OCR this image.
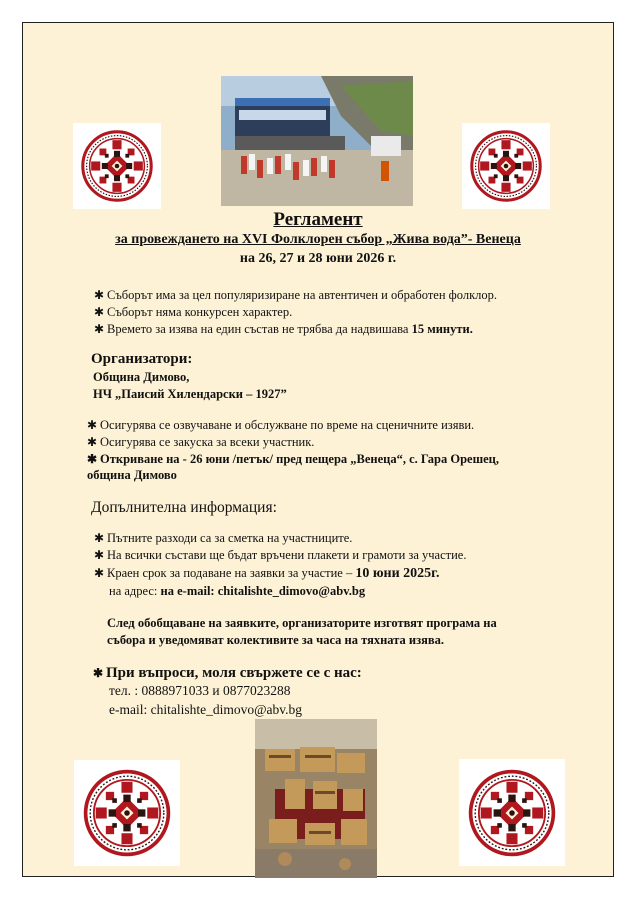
Регламент
за провеждането на XVI Фолклорен събор „Жива вода”- Венеца
на 26, 27 и 28 юни 2026 г.
✱ Съборът има за цел популяризиране на автентичен и обработен фолклор.
✱ Съборът няма конкурсен характер.
✱ Времето за изява на един състав не трябва да надвишава 15 минути.
Организатори:
Община Димово,
НЧ „Паисий Хилендарски – 1927”
✱ Осигурява се озвучаване и обслужване по време на сценичните изяви.
✱ Осигурява се закуска за всеки участник.
✱ Откриване на - 26 юни /петък/ пред пещера „Венеца“, с. Гара Орешец,
община Димово
Допълнителна информация:
✱ Пътните разходи са за сметка на участниците.
✱ На всички състави ще бъдат връчени плакети и грамоти за участие.
✱ Краен срок за подаване на заявки за участие – 10 юни 2025г.
на адрес: на e-mail: chitalishte_dimovo@abv.bg
След обобщаване на заявките, организаторите изготвят програма на
събора и уведомяват колективите за часа на тяхната изява.
✱ При въпроси, моля свържете се с нас:
тел. : 0888971033 и 0877023288
e-mail: chitalishte_dimovo@abv.bg
